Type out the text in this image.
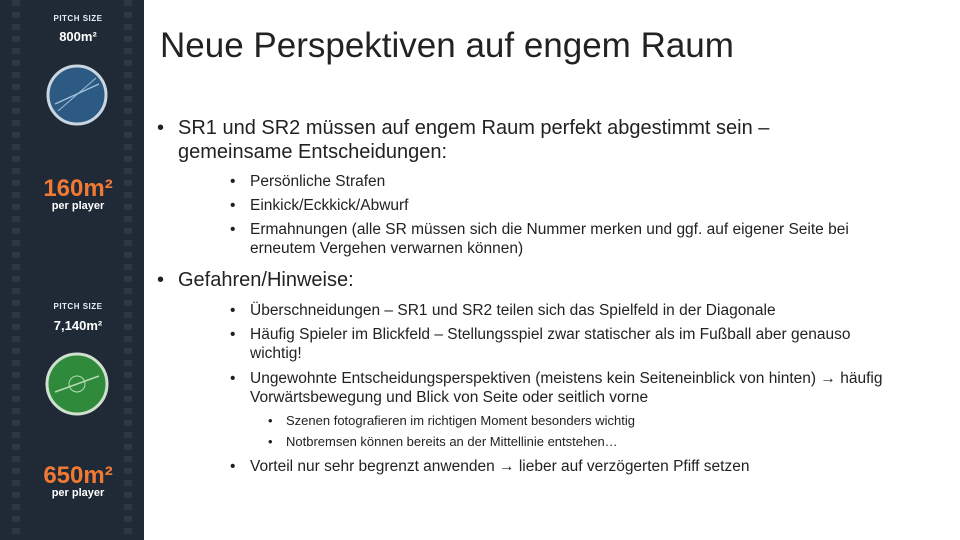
PITCH SIZE
800m²
160m²
per player
PITCH SIZE
7,140m²
650m²
per player
Neue Perspektiven auf engem Raum
• SR1 und SR2 müssen auf engem Raum perfekt abgestimmt sein – gemeinsame Entscheidungen:
• Persönliche Strafen
• Einkick/Eckkick/Abwurf
• Ermahnungen (alle SR müssen sich die Nummer merken und ggf. auf eigener Seite bei erneutem Vergehen verwarnen können)
• Gefahren/Hinweise:
• Überschneidungen – SR1 und SR2 teilen sich das Spielfeld in der Diagonale
• Häufig Spieler im Blickfeld – Stellungsspiel zwar statischer als im Fußball aber genauso wichtig!
• Ungewohnte Entscheidungsperspektiven (meistens kein Seiteneinblick von hinten) → häufig Vorwärtsbewegung und Blick von Seite oder seitlich vorne
• Szenen fotografieren im richtigen Moment besonders wichtig
• Notbremsen können bereits an der Mittellinie entstehen…
• Vorteil nur sehr begrenzt anwenden → lieber auf verzögerten Pfiff setzen
